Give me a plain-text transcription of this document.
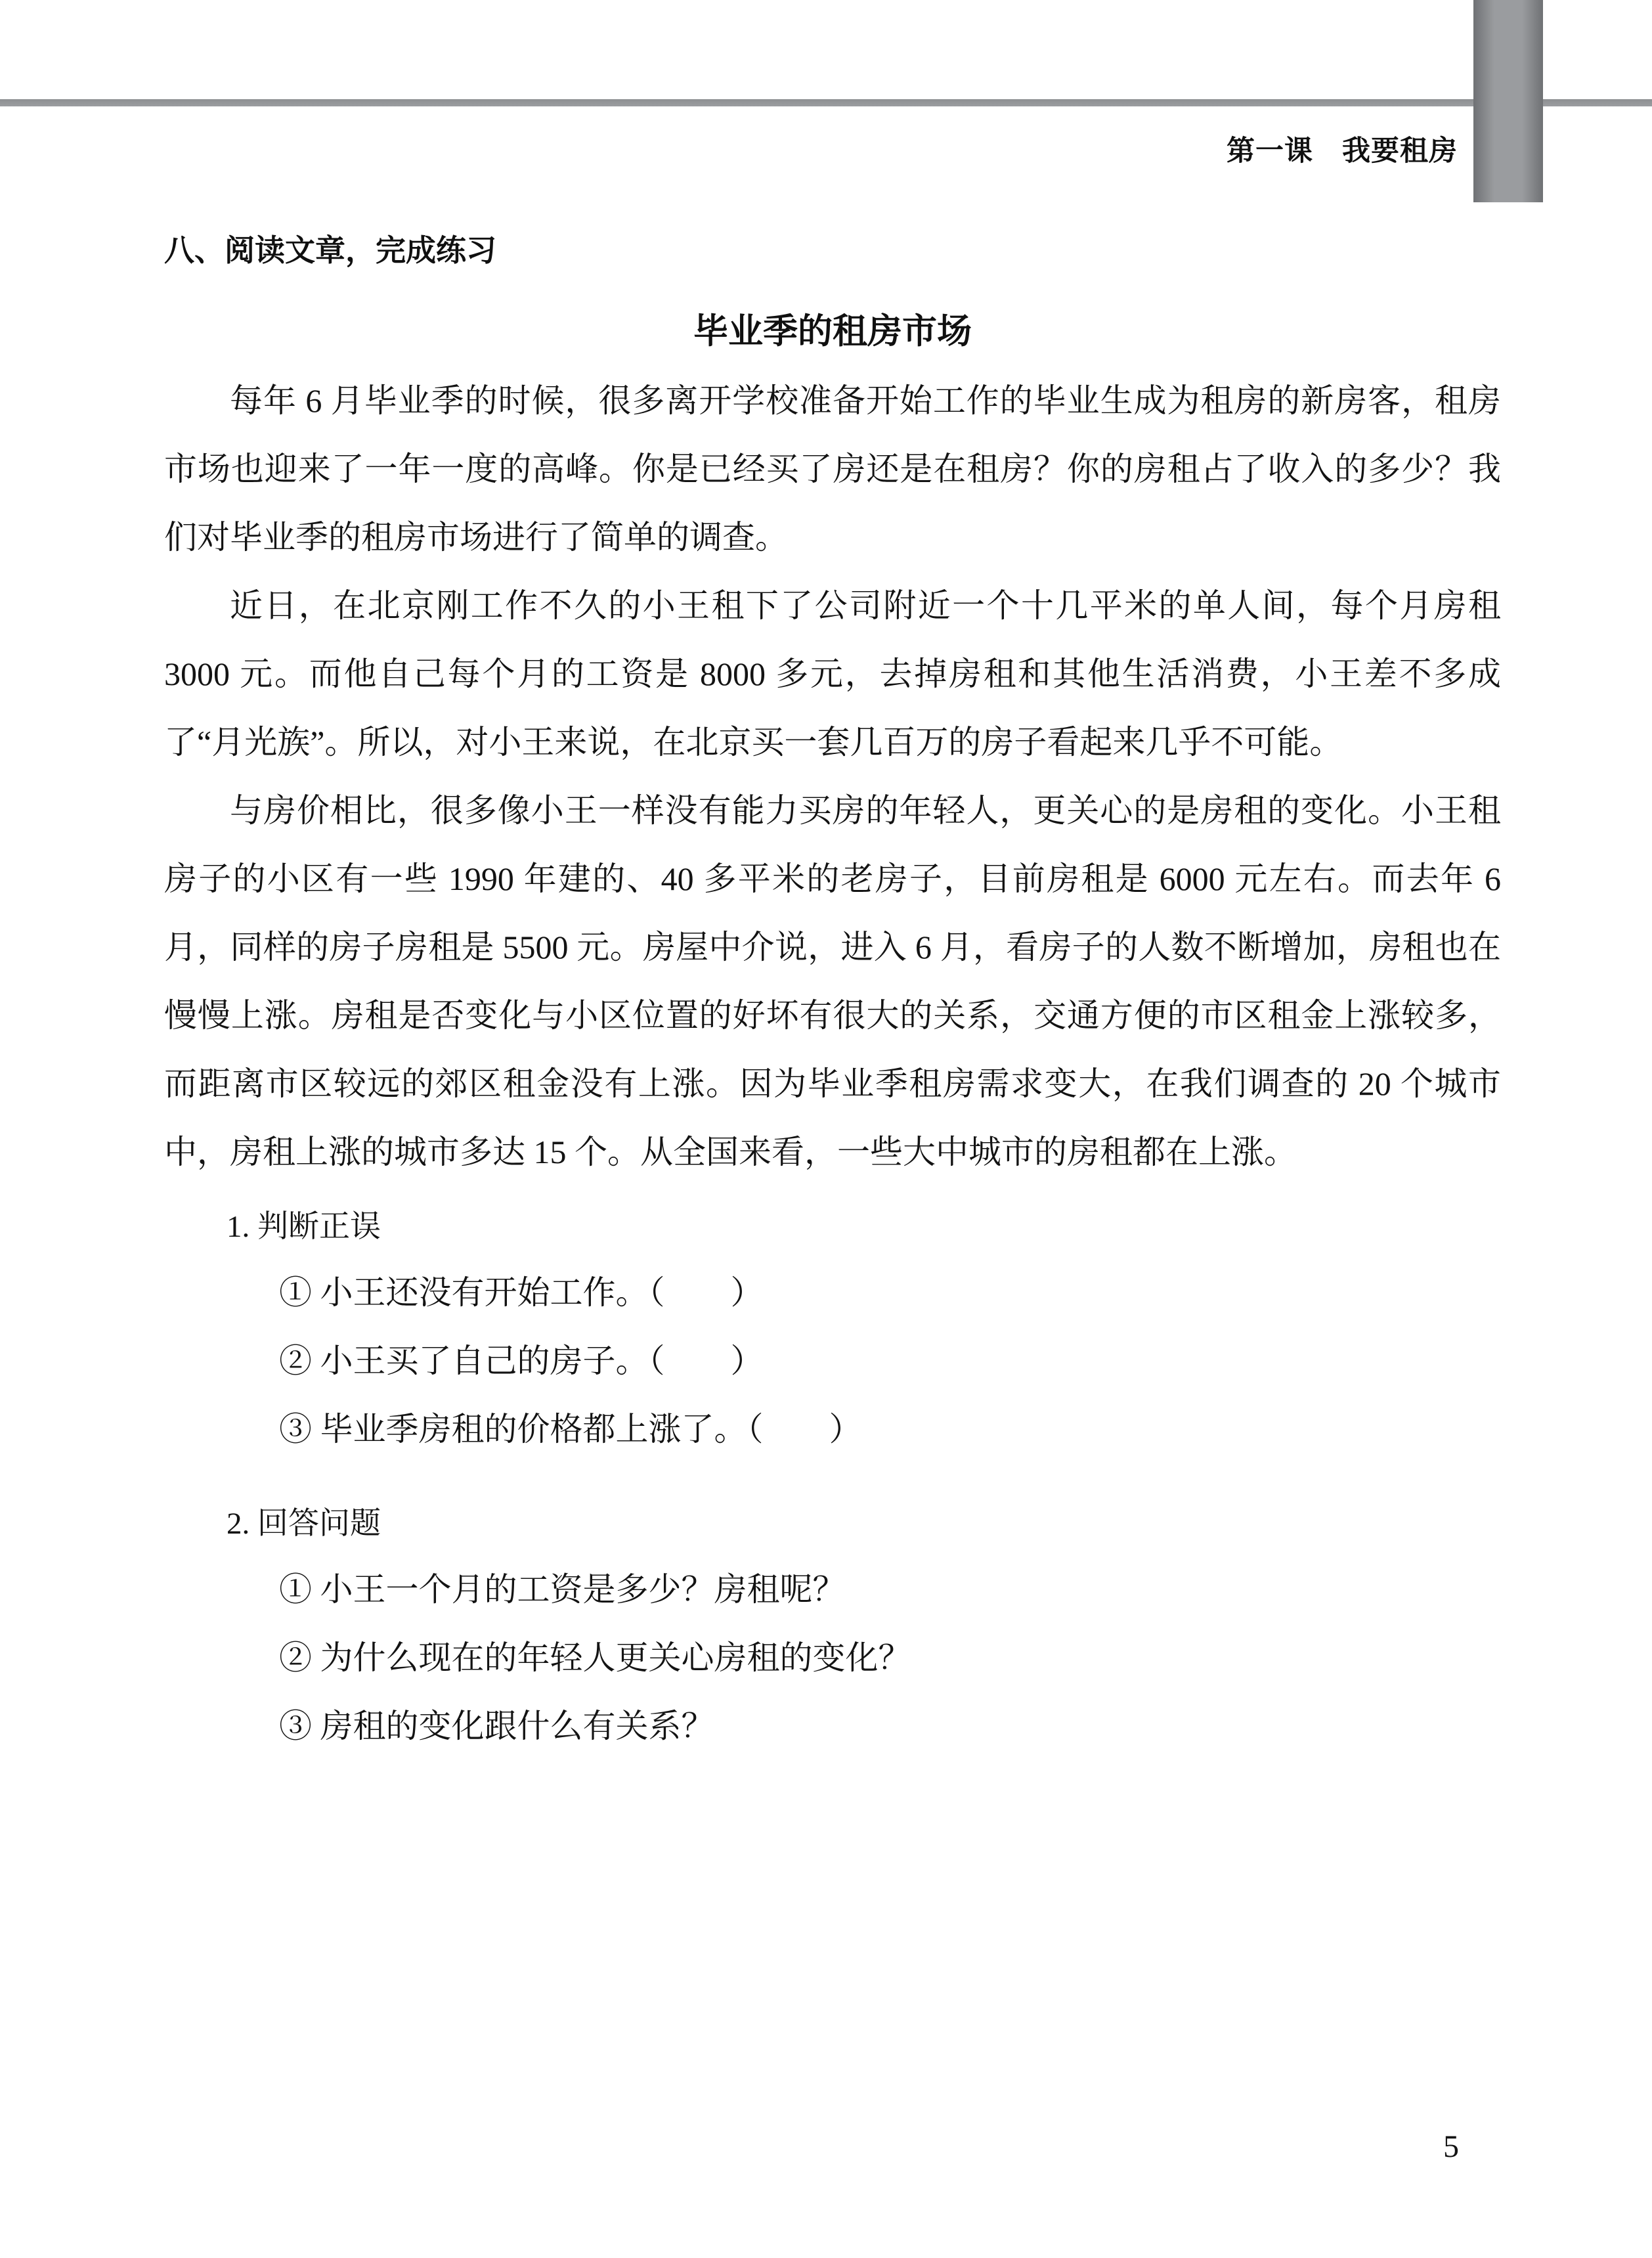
第一课　我要租房
八、阅读文章，完成练习
毕业季的租房市场

每年 6 月毕业季的时候，很多离开学校准备开始工作的毕业生成为租房的新房客，租房市场也迎来了一年一度的高峰。你是已经买了房还是在租房？你的房租占了收入的多少？我们对毕业季的租房市场进行了简单的调查。

近日，在北京刚工作不久的小王租下了公司附近一个十几平米的单人间，每个月房租 3000 元。而他自己每个月的工资是 8000 多元，去掉房租和其他生活消费，小王差不多成了“月光族”。所以，对小王来说，在北京买一套几百万的房子看起来几乎不可能。

与房价相比，很多像小王一样没有能力买房的年轻人，更关心的是房租的变化。小王租房子的小区有一些 1990 年建的、40 多平米的老房子，目前房租是 6000 元左右。而去年 6 月，同样的房子房租是 5500 元。房屋中介说，进入 6 月，看房子的人数不断增加，房租也在慢慢上涨。房租是否变化与小区位置的好坏有很大的关系，交通方便的市区租金上涨较多，而距离市区较远的郊区租金没有上涨。因为毕业季租房需求变大，在我们调查的 20 个城市中，房租上涨的城市多达 15 个。从全国来看，一些大中城市的房租都在上涨。

1. 判断正误

① 小王还没有开始工作。（　　）

② 小王买了自己的房子。（　　）

③ 毕业季房租的价格都上涨了。（　　）

2. 回答问题

① 小王一个月的工资是多少？房租呢？

② 为什么现在的年轻人更关心房租的变化？

③ 房租的变化跟什么有关系？

5
